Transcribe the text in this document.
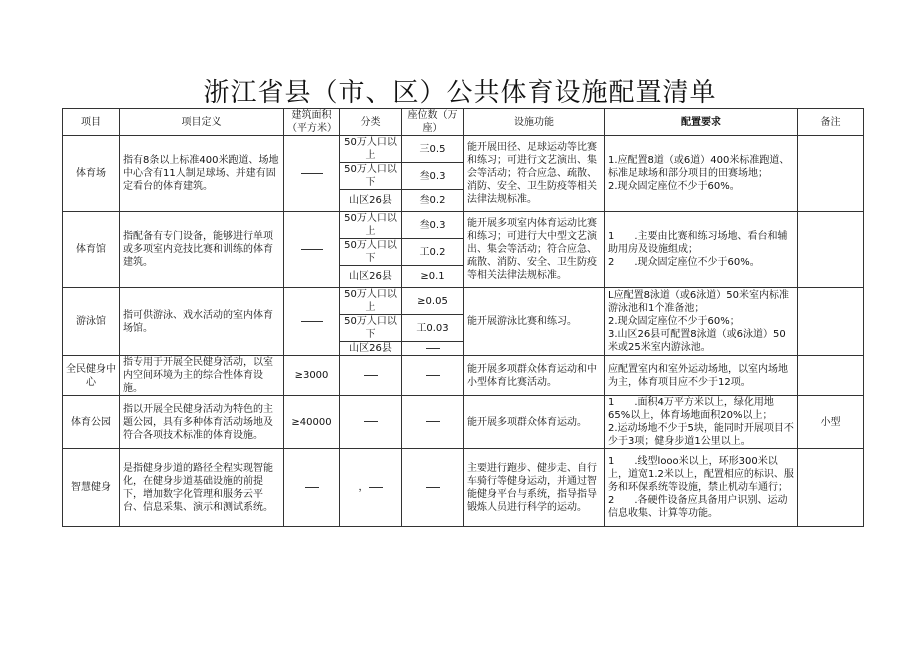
浙江省县（市、区）公共体育设施配置清单
项目	项目定义	建筑面积（平方米）	分类	座位数（万座）	设施功能	配置要求	备注
体育场	指有8条以上标准400米跑道、场地中心含有11人制足球场、并建有固定看台的体育建筑。		50万人口以上	三0.5	能开展田径、足球运动等比赛和练习；可进行文艺演出、集会等活动；符合应急、疏散、消防、安全、卫生防疫等相关法律法规标准。	1.应配置8道（或6道）400米标准跑道、标准足球场和部分项目的田赛场地；
2.现众固定座位不少于60%。	

			50万人口以下	叁0.3			
			山区26县	叁0.2			
体育馆	指配备有专门设备，能够进行单项或多项室内竞技比赛和训练的体育建筑。		50万人口以上	叁0.3	能开展多项室内体育运动比赛和练习；可进行大中型文艺演出、集会等活动；符合应急、疏散、消防、安全、卫生防疫等相关法律法规标准。	1　　.主要由比赛和练习场地、看台和辅助用房及设施组成；
2　　.现众固定座位不少于60%。	

			50万人口以下	工0.2			
			山区26县	≥0.1			
游泳馆	指可供游泳、戏水活动的室内体育场馆。		50万人口以上	≥0.05	能开展游泳比赛和练习。	L应配置8泳道（或6泳道）50米室内标准游泳池和1个准备池；
2.现众固定座位不少于60%；
3.山区26县可配置8泳道（或6泳道）50米或25米室内游泳池。	

			50万人口以下	工0.03			
			山区26县				
全民健身中心	指专用于开展全民健身活动，以室内空间环境为主的综合性体育设施。	≥3000			能开展多项群众体育运动和中小型体育比赛活动。	应配置室内和室外运动场地，以室内场地为主，体育项目应不少于12项。	

体育公园	指以开展全民健身活动为特色的主题公园，具有多种体育活动场地及符合各项技术标准的体育设施。	≥40000			能开展多项群众体育运动。	1　　.面积4万平方米以上，绿化用地65%以上，体育场地面积20%以上；
2.运动场地不少于5块，能同时开展项目不少于3项；健身步道1公里以上。	小型
智慧健身	是指健身步道的路径全程实现智能化，在健身步道基础设施的前提下，增加数字化管理和服务云平台、信息采集、演示和测试系统。		，		主要进行跑步、健步走、自行车骑行等健身运动，并通过智能健身平台与系统，指导指导锻炼人员进行科学的运动。	1　　.线型looo米以上，环形300米以上，道宽1.2米以上，配置相应的标识、服务和环保系统等设施，禁止机动车通行；
2　　.各硬件设备应具备用户识别、运动信息收集、计算等功能。	
